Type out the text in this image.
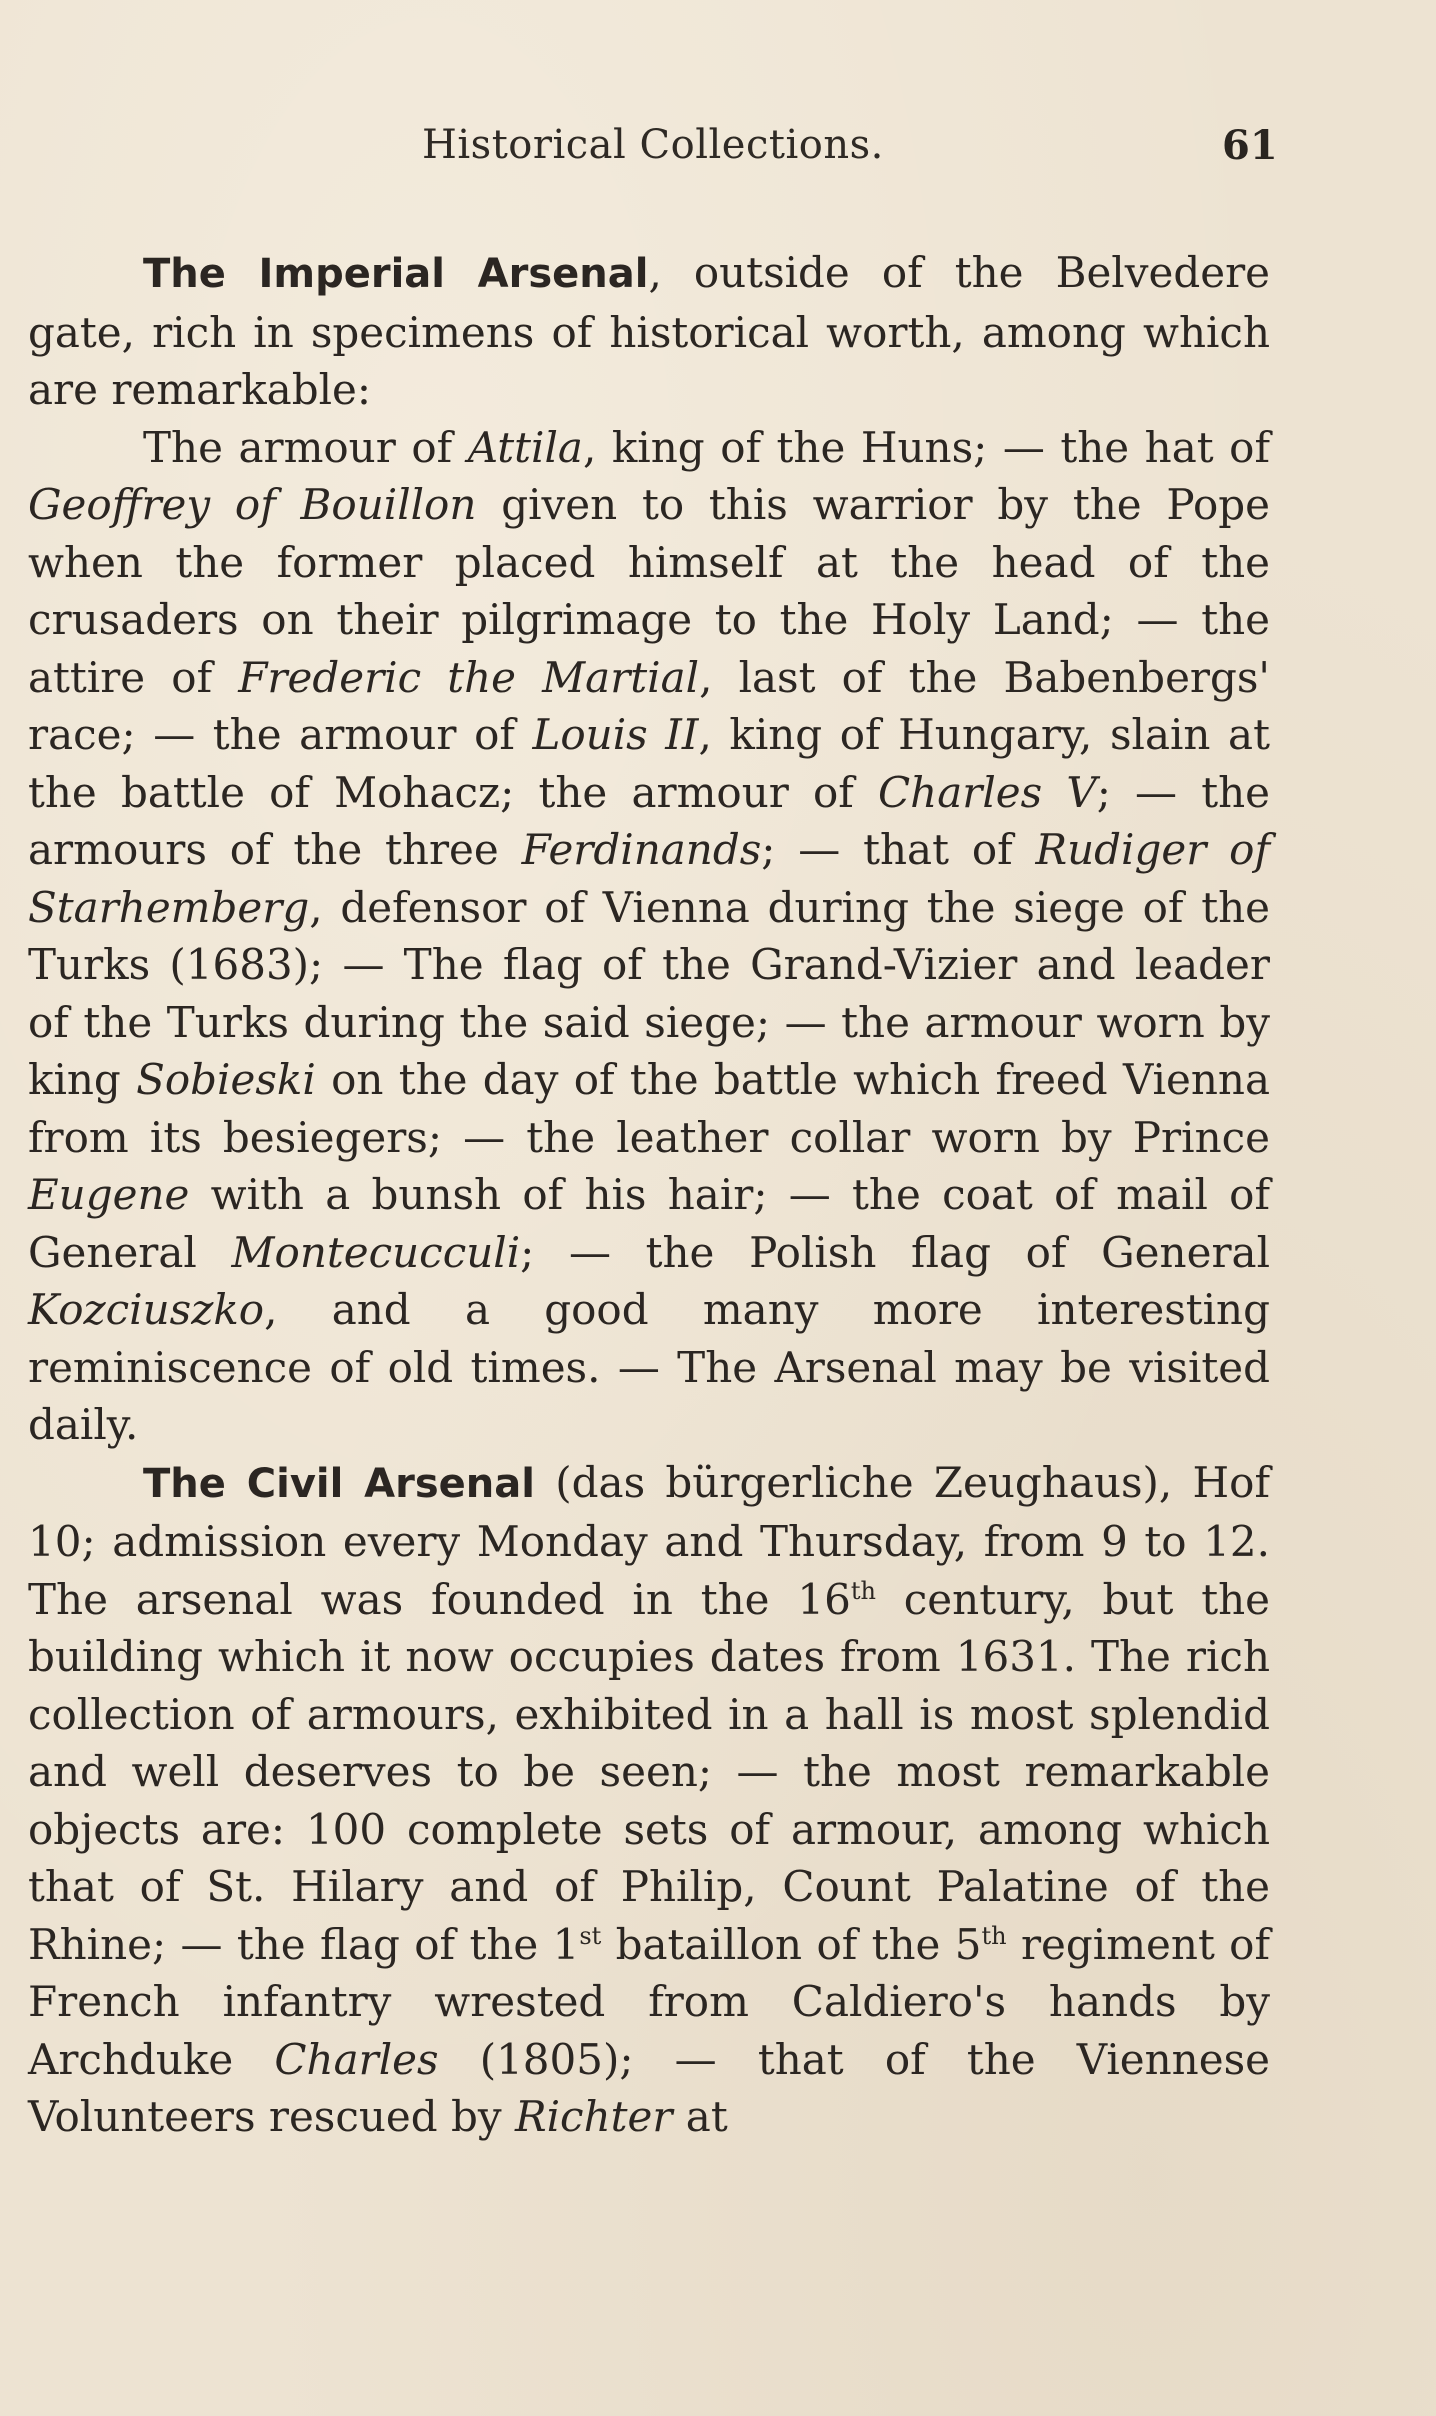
Historical Collections.	61

The Imperial Arsenal, outside of the Belvedere gate, rich in specimens of historical worth, among which are remarkable:

The armour of Attila, king of the Huns; — the hat of Geoffrey of Bouillon given to this warrior by the Pope when the former placed himself at the head of the crusaders on their pilgrimage to the Holy Land; — the attire of Frederic the Martial, last of the Babenbergs' race; — the armour of Louis II, king of Hungary, slain at the battle of Mohacz; the armour of Charles V; — the armours of the three Ferdinands; — that of Rudiger of Starhemberg, defensor of Vienna during the siege of the Turks (1683); — The flag of the Grand-Vizier and leader of the Turks during the said siege; — the armour worn by king Sobieski on the day of the battle which freed Vienna from its besiegers; — the leather collar worn by Prince Eugene with a bunsh of his hair; — the coat of mail of General Montecucculi; — the Polish flag of General Kozciuszko, and a good many more interesting reminiscence of old times. — The Arsenal may be visited daily.

The Civil Arsenal (das bürgerliche Zeughaus), Hof 10; admission every Monday and Thursday, from 9 to 12. The arsenal was founded in the 16th century, but the building which it now occupies dates from 1631. The rich collection of armours, exhibited in a hall is most splendid and well deserves to be seen; — the most remarkable objects are: 100 complete sets of armour, among which that of St. Hilary and of Philip, Count Palatine of the Rhine; — the flag of the 1st bataillon of the 5th regiment of French infantry wrested from Caldiero's hands by Archduke Charles (1805); — that of the Viennese Volunteers rescued by Richter at
